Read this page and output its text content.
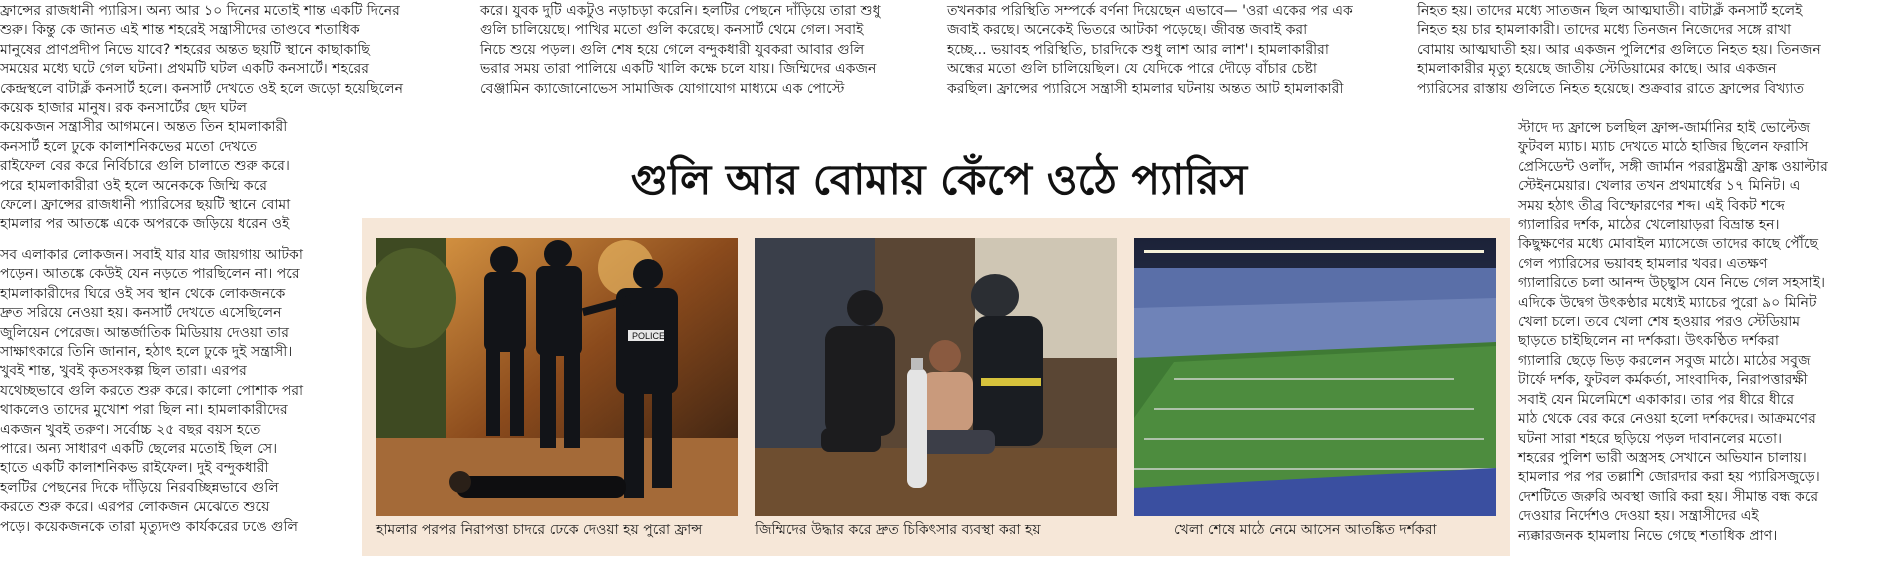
ফ্রান্সের রাজধানী প্যারিস। অন্য আর ১০ দিনের মতোই শান্ত একটি দিনের
শুরু। কিন্তু কে জানত এই শান্ত শহরেই সন্ত্রাসীদের তাণ্ডবে শতাধিক
মানুষের প্রাণপ্রদীপ নিভে যাবে? শহরের অন্তত ছয়টি স্থানে কাছাকাছি
সময়ের মধ্যে ঘটে গেল ঘটনা। প্রথমটি ঘটল একটি কনসার্টে। শহরের
কেন্দ্রস্থলে বাটাক্লঁ কনসার্ট হলে। কনসার্ট দেখতে ওই হলে জড়ো হয়েছিলেন
কয়েক হাজার মানুষ। রক কনসার্টের ছেদ ঘটল
কয়েকজন সন্ত্রাসীর আগমনে। অন্তত তিন হামলাকারী
কনসার্ট হলে ঢুকে কালাশনিকভের মতো দেখতে
রাইফেল বের করে নির্বিচারে গুলি চালাতে শুরু করে।
পরে হামলাকারীরা ওই হলে অনেককে জিম্মি করে
ফেলে। ফ্রান্সের রাজধানী প্যারিসের ছয়টি স্থানে বোমা
হামলার পর আতঙ্কে একে অপরকে জড়িয়ে ধরেন ওই
সব এলাকার লোকজন। সবাই যার যার জায়গায় আটকা
পড়েন। আতঙ্কে কেউই যেন নড়তে পারছিলেন না। পরে
হামলাকারীদের ঘিরে ওই সব স্থান থেকে লোকজনকে
দ্রুত সরিয়ে নেওয়া হয়। কনসার্ট দেখতে এসেছিলেন
জুলিয়েন পেরেজ। আন্তর্জাতিক মিডিয়ায় দেওয়া তার
সাক্ষাৎকারে তিনি জানান, হঠাৎ হলে ঢুকে দুই সন্ত্রাসী।
খুবই শান্ত, খুবই কৃতসংকল্প ছিল তারা। এরপর
যথেচ্ছভাবে গুলি করতে শুরু করে। কালো পোশাক পরা
থাকলেও তাদের মুখোশ পরা ছিল না। হামলাকারীদের
একজন খুবই তরুণ। সর্বোচ্চ ২৫ বছর বয়স হতে
পারে। অন্য সাধারণ একটি ছেলের মতোই ছিল সে।
হাতে একটি কালাশনিকভ রাইফেল। দুই বন্দুকধারী
হলটির পেছনের দিকে দাঁড়িয়ে নিরবচ্ছিন্নভাবে গুলি
করতে শুরু করে। এরপর লোকজন মেঝেতে শুয়ে
পড়ে। কয়েকজনকে তারা মৃত্যুদণ্ড কার্যকরের ঢঙে গুলি
করে। যুবক দুটি একটুও নড়াচড়া করেনি। হলটির পেছনে দাঁড়িয়ে তারা শুধু
গুলি চালিয়েছে। পাখির মতো গুলি করেছে। কনসার্ট থেমে গেল। সবাই
নিচে শুয়ে পড়ল। গুলি শেষ হয়ে গেলে বন্দুকধারী যুবকরা আবার গুলি
ভরার সময় তারা পালিয়ে একটি খালি কক্ষে চলে যায়। জিম্মিদের একজন
বেঞ্জামিন ক্যাজোনোভেস সামাজিক যোগাযোগ মাধ্যমে এক পোস্টে
তখনকার পরিস্থিতি সম্পর্কে বর্ণনা দিয়েছেন এভাবে— 'ওরা একের পর এক
জবাই করছে। অনেকেই ভিতরে আটকা পড়েছে। জীবন্ত জবাই করা
হচ্ছে... ভয়াবহ পরিস্থিতি, চারদিকে শুধু লাশ আর লাশ'। হামলাকারীরা
অন্ধের মতো গুলি চালিয়েছিল। যে যেদিকে পারে দৌড়ে বাঁচার চেষ্টা
করছিল। ফ্রান্সের প্যারিসে সন্ত্রাসী হামলার ঘটনায় অন্তত আট হামলাকারী
নিহত হয়। তাদের মধ্যে সাতজন ছিল আত্মঘাতী। বাটাক্লঁ কনসার্ট হলেই
নিহত হয় চার হামলাকারী। তাদের মধ্যে তিনজন নিজেদের সঙ্গে রাখা
বোমায় আত্মঘাতী হয়। আর একজন পুলিশের গুলিতে নিহত হয়। তিনজন
হামলাকারীর মৃত্যু হয়েছে জাতীয় স্টেডিয়ামের কাছে। আর একজন
প্যারিসের রাস্তায় গুলিতে নিহত হয়েছে। শুক্রবার রাতে ফ্রান্সের বিখ্যাত
স্টাদে দ্য ফ্রান্সে চলছিল ফ্রান্স-জার্মানির হাই ভোল্টেজ
ফুটবল ম্যাচ। ম্যাচ দেখতে মাঠে হাজির ছিলেন ফরাসি
প্রেসিডেন্ট ওলাঁদ, সঙ্গী জার্মান পররাষ্ট্রমন্ত্রী ফ্রাঙ্ক ওয়াল্টার
স্টেইনমেয়ার। খেলার তখন প্রথমার্ধের ১৭ মিনিট। এ
সময় হঠাৎ তীব্র বিস্ফোরণের শব্দ। এই বিকট শব্দে
গ্যালারির দর্শক, মাঠের খেলোয়াড়রা বিভ্রান্ত হন।
কিছুক্ষণের মধ্যে মোবাইল ম্যাসেজে তাদের কাছে পৌঁছে
গেল প্যারিসের ভয়াবহ হামলার খবর। এতক্ষণ
গ্যালারিতে চলা আনন্দ উচ্ছ্বাস যেন নিভে গেল সহসাই।
এদিকে উদ্বেগ উৎকণ্ঠার মধ্যেই ম্যাচের পুরো ৯০ মিনিট
খেলা চলে। তবে খেলা শেষ হওয়ার পরও স্টেডিয়াম
ছাড়তে চাইছিলেন না দর্শকরা। উৎকণ্ঠিত দর্শকরা
গ্যালারি ছেড়ে ভিড় করলেন সবুজ মাঠে। মাঠের সবুজ
টার্ফে দর্শক, ফুটবল কর্মকর্তা, সাংবাদিক, নিরাপত্তারক্ষী
সবাই যেন মিলেমিশে একাকার। তার পর ধীরে ধীরে
মাঠ থেকে বের করে নেওয়া হলো দর্শকদের। আক্রমণের
ঘটনা সারা শহরে ছড়িয়ে পড়ল দাবানলের মতো।
শহরের পুলিশ ভারী অস্ত্রসহ সেখানে অভিযান চালায়।
হামলার পর পর তল্লাশি জোরদার করা হয় প্যারিসজুড়ে।
দেশটিতে জরুরি অবস্থা জারি করা হয়। সীমান্ত বন্ধ করে
দেওয়ার নির্দেশও দেওয়া হয়। সন্ত্রাসীদের এই
ন্যক্কারজনক হামলায় নিভে গেছে শতাধিক প্রাণ।
গুলি আর বোমায় কেঁপে ওঠে প্যারিস
POLICE
হামলার পরপর নিরাপত্তা চাদরে ঢেকে দেওয়া হয় পুরো ফ্রান্স	জিম্মিদের উদ্ধার করে দ্রুত চিকিৎসার ব্যবস্থা করা হয়	খেলা শেষে মাঠে নেমে আসেন আতঙ্কিত দর্শকরা
